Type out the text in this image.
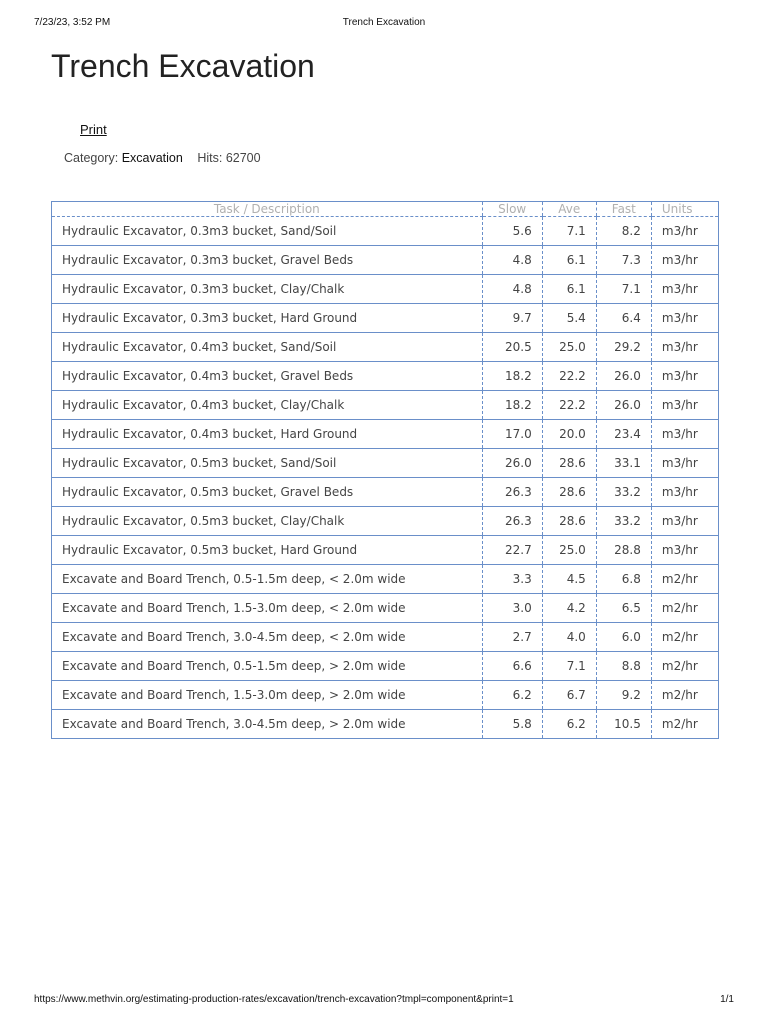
7/23/23, 3:52 PM	Trench Excavation
Trench Excavation
Print
Category: Excavation Hits: 62700
Task / Description	Slow	Ave	Fast	Units
Hydraulic Excavator, 0.3m3 bucket, Sand/Soil	5.6	7.1	8.2	m3/hr
Hydraulic Excavator, 0.3m3 bucket, Gravel Beds	4.8	6.1	7.3	m3/hr
Hydraulic Excavator, 0.3m3 bucket, Clay/Chalk	4.8	6.1	7.1	m3/hr
Hydraulic Excavator, 0.3m3 bucket, Hard Ground	9.7	5.4	6.4	m3/hr
Hydraulic Excavator, 0.4m3 bucket, Sand/Soil	20.5	25.0	29.2	m3/hr
Hydraulic Excavator, 0.4m3 bucket, Gravel Beds	18.2	22.2	26.0	m3/hr
Hydraulic Excavator, 0.4m3 bucket, Clay/Chalk	18.2	22.2	26.0	m3/hr
Hydraulic Excavator, 0.4m3 bucket, Hard Ground	17.0	20.0	23.4	m3/hr
Hydraulic Excavator, 0.5m3 bucket, Sand/Soil	26.0	28.6	33.1	m3/hr
Hydraulic Excavator, 0.5m3 bucket, Gravel Beds	26.3	28.6	33.2	m3/hr
Hydraulic Excavator, 0.5m3 bucket, Clay/Chalk	26.3	28.6	33.2	m3/hr
Hydraulic Excavator, 0.5m3 bucket, Hard Ground	22.7	25.0	28.8	m3/hr
Excavate and Board Trench, 0.5-1.5m deep, < 2.0m wide	3.3	4.5	6.8	m2/hr
Excavate and Board Trench, 1.5-3.0m deep, < 2.0m wide	3.0	4.2	6.5	m2/hr
Excavate and Board Trench, 3.0-4.5m deep, < 2.0m wide	2.7	4.0	6.0	m2/hr
Excavate and Board Trench, 0.5-1.5m deep, > 2.0m wide	6.6	7.1	8.8	m2/hr
Excavate and Board Trench, 1.5-3.0m deep, > 2.0m wide	6.2	6.7	9.2	m2/hr
Excavate and Board Trench, 3.0-4.5m deep, > 2.0m wide	5.8	6.2	10.5	m2/hr
https://www.methvin.org/estimating-production-rates/excavation/trench-excavation?tmpl=component&print=1	1/1
